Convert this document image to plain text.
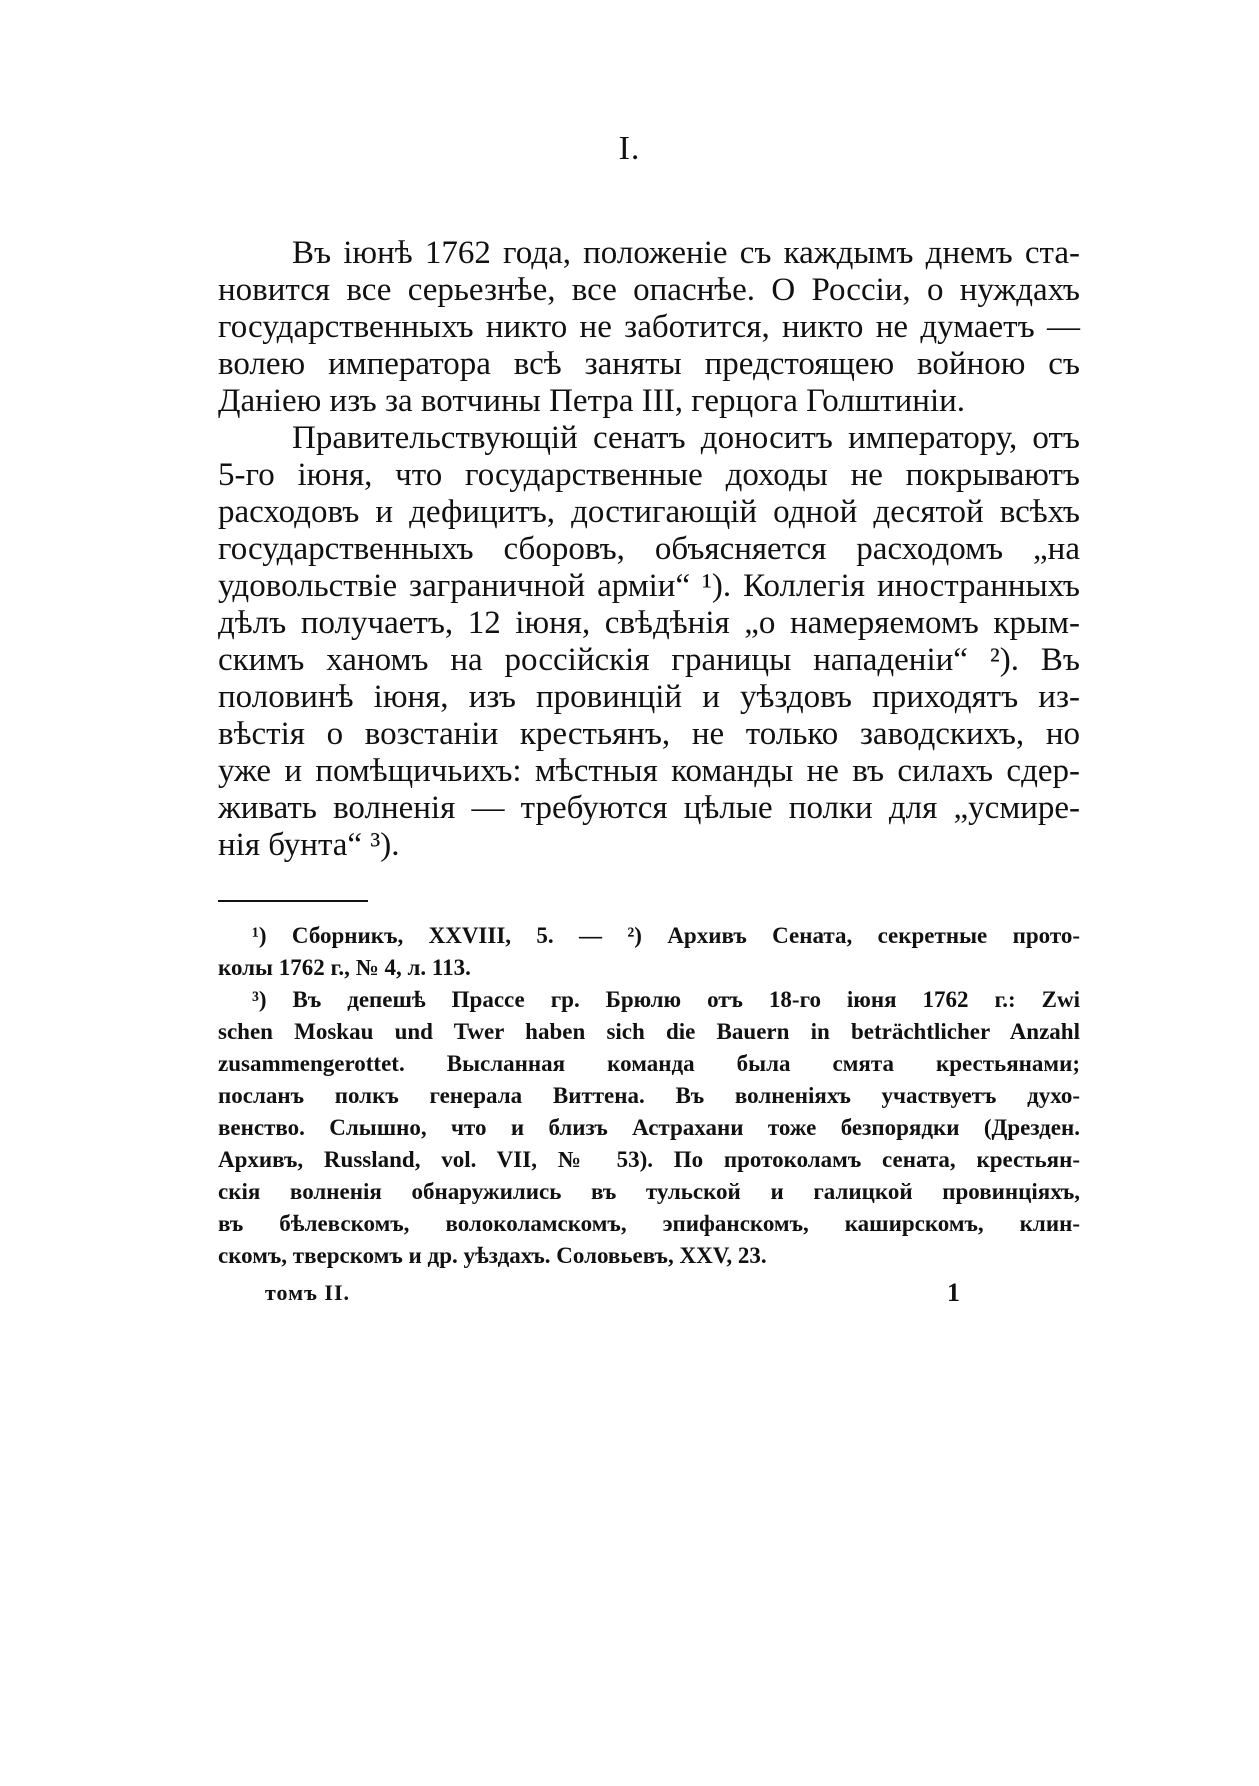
I.
Въ іюнѣ 1762 года, положеніе съ каждымъ днемъ ста-
новится все серьезнѣе, все опаснѣе. О Россіи, о нуждахъ
государственныхъ никто не заботится, никто не думаетъ —
волею императора всѣ заняты предстоящею войною съ
Даніею изъ за вотчины Петра III, герцога Голштиніи.
Правительствующій сенатъ доноситъ императору, отъ
5-го іюня, что государственные доходы не покрываютъ
расходовъ и дефицитъ, достигающій одной десятой всѣхъ
государственныхъ сборовъ, объясняется расходомъ „на
удовольствіе заграничной арміи“ ¹). Коллегія иностранныхъ
дѣлъ получаетъ, 12 іюня, свѣдѣнія „о намеряемомъ крым-
скимъ ханомъ на россійскія границы нападеніи“ ²). Въ
половинѣ іюня, изъ провинцій и уѣздовъ приходятъ из-
вѣстія о возстаніи крестьянъ, не только заводскихъ, но
уже и помѣщичьихъ: мѣстныя команды не въ силахъ сдер-
живать волненія — требуются цѣлые полки для „усмире-
нія бунта“ ³).
¹) Сборникъ, XXVIII, 5. — ²) Архивъ Сената, секретные прото-
колы 1762 г., № 4, л. 113.
³) Въ депешѣ Прассе гр. Брюлю отъ 18-го іюня 1762 г.: Zwi
schen Moskau und Twer haben sich die Bauern in beträchtlicher Anzahl
zusammengerottet. Высланная команда была смята крестьянами;
посланъ полкъ генерала Виттена. Въ волненіяхъ участвуетъ духо-
венство. Слышно, что и близъ Астрахани тоже безпорядки (Дрезден.
Архивъ, Russland, vol. VII, № 53). По протоколамъ сената, крестьян-
скія волненія обнаружились въ тульской и галицкой провинціяхъ,
въ бѣлевскомъ, волоколамскомъ, эпифанскомъ, каширскомъ, клин-
скомъ, тверскомъ и др. уѣздахъ. Соловьевъ, XXV, 23.
томъ II.	1
